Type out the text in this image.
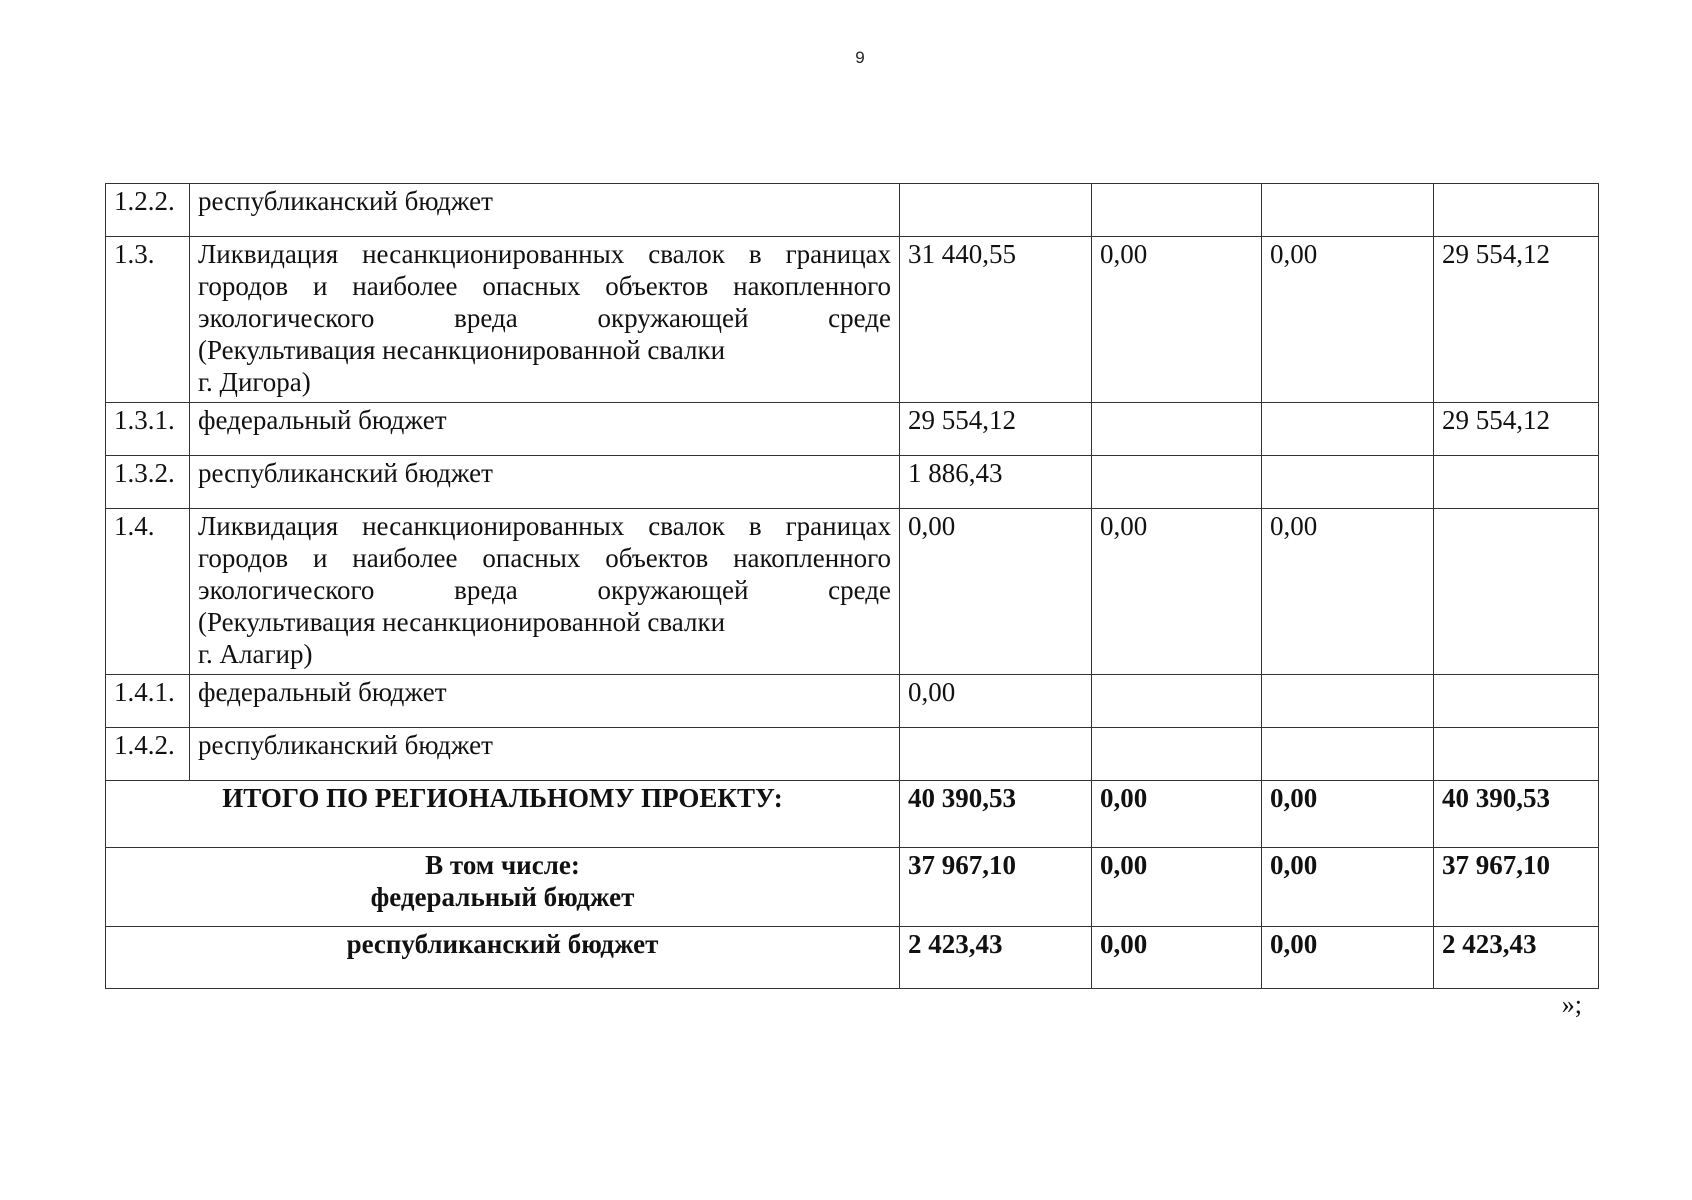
9
1.2.2.	республиканский бюджет				
1.3.	Ликвидация несанкционированных свалок в границах
городов и наиболее опасных объектов накопленного
экологического вреда окружающей среде
(Рекультивация несанкционированной свалки
г. Дигора)	31 440,55	0,00	0,00	29 554,12
1.3.1.	федеральный бюджет	29 554,12			29 554,12
1.3.2.	республиканский бюджет	1 886,43			
1.4.	Ликвидация несанкционированных свалок в границах
городов и наиболее опасных объектов накопленного
экологического вреда окружающей среде
(Рекультивация несанкционированной свалки
г. Алагир)	0,00	0,00	0,00	
1.4.1.	федеральный бюджет	0,00			
1.4.2.	республиканский бюджет				
ИТОГО ПО РЕГИОНАЛЬНОМУ ПРОЕКТУ:		40 390,53	0,00	0,00	40 390,53

В том числе:
федеральный бюджет		37 967,10	0,00	0,00	37 967,10
республиканский бюджет		2 423,43	0,00	0,00	2 423,43
»;
